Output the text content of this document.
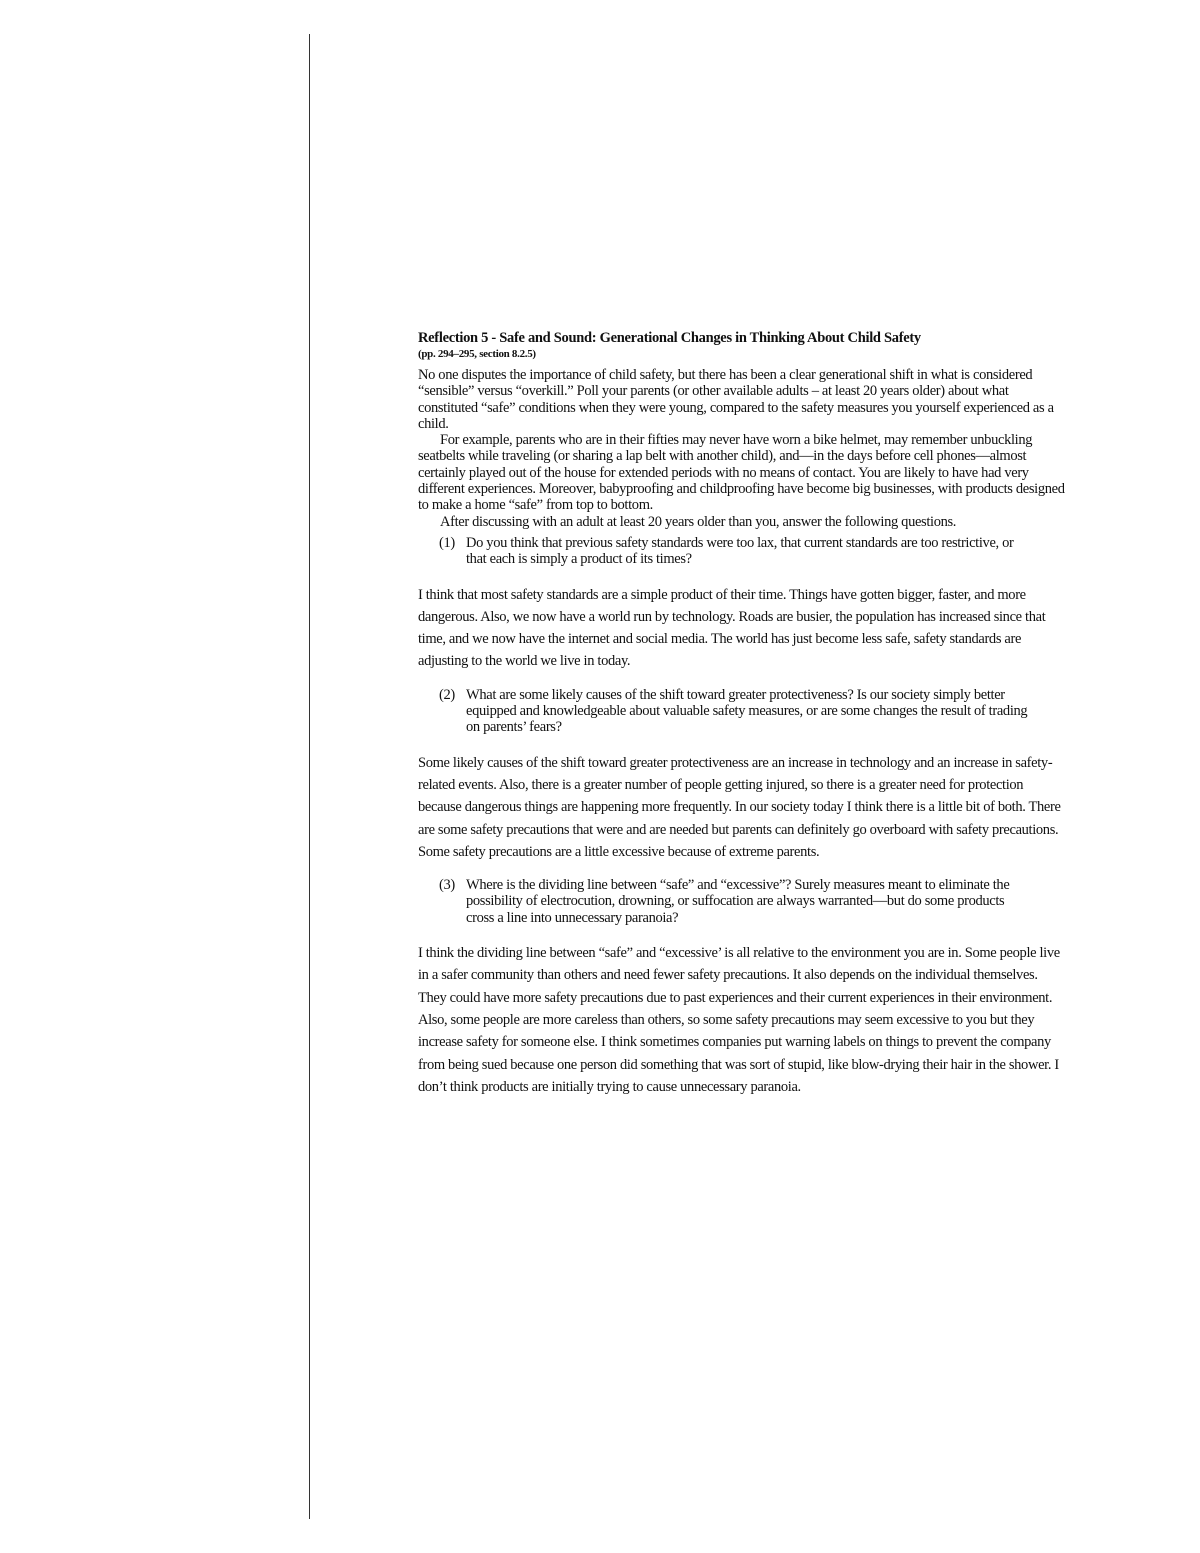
Reflection 5 - Safe and Sound: Generational Changes in Thinking About Child Safety

(pp. 294–295, section 8.2.5)

No one disputes the importance of child safety, but there has been a clear generational shift in what is considered “sensible” versus “overkill.” Poll your parents (or other available adults – at least 20 years older) about what constituted “safe” conditions when they were young, compared to the safety measures you yourself experienced as a child.

For example, parents who are in their fifties may never have worn a bike helmet, may remember unbuckling seatbelts while traveling (or sharing a lap belt with another child), and—in the days before cell phones—almost certainly played out of the house for extended periods with no means of contact. You are likely to have had very different experiences. Moreover, babyproofing and childproofing have become big businesses, with products designed to make a home “safe” from top to bottom.

After discussing with an adult at least 20 years older than you, answer the following questions.

(1) Do you think that previous safety standards were too lax, that current standards are too restrictive, or that each is simply a product of its times?

I think that most safety standards are a simple product of their time. Things have gotten bigger, faster, and more dangerous. Also, we now have a world run by technology. Roads are busier, the population has increased since that time, and we now have the internet and social media. The world has just become less safe, safety standards are adjusting to the world we live in today.

(2) What are some likely causes of the shift toward greater protectiveness? Is our society simply better equipped and knowledgeable about valuable safety measures, or are some changes the result of trading on parents’ fears?

Some likely causes of the shift toward greater protectiveness are an increase in technology and an increase in safety-related events. Also, there is a greater number of people getting injured, so there is a greater need for protection because dangerous things are happening more frequently. In our society today I think there is a little bit of both. There are some safety precautions that were and are needed but parents can definitely go overboard with safety precautions. Some safety precautions are a little excessive because of extreme parents.

(3) Where is the dividing line between “safe” and “excessive”? Surely measures meant to eliminate the possibility of electrocution, drowning, or suffocation are always warranted—but do some products cross a line into unnecessary paranoia?

I think the dividing line between “safe” and “excessive’ is all relative to the environment you are in. Some people live in a safer community than others and need fewer safety precautions. It also depends on the individual themselves. They could have more safety precautions due to past experiences and their current experiences in their environment. Also, some people are more careless than others, so some safety precautions may seem excessive to you but they increase safety for someone else. I think sometimes companies put warning labels on things to prevent the company from being sued because one person did something that was sort of stupid, like blow-drying their hair in the shower. I don’t think products are initially trying to cause unnecessary paranoia.
